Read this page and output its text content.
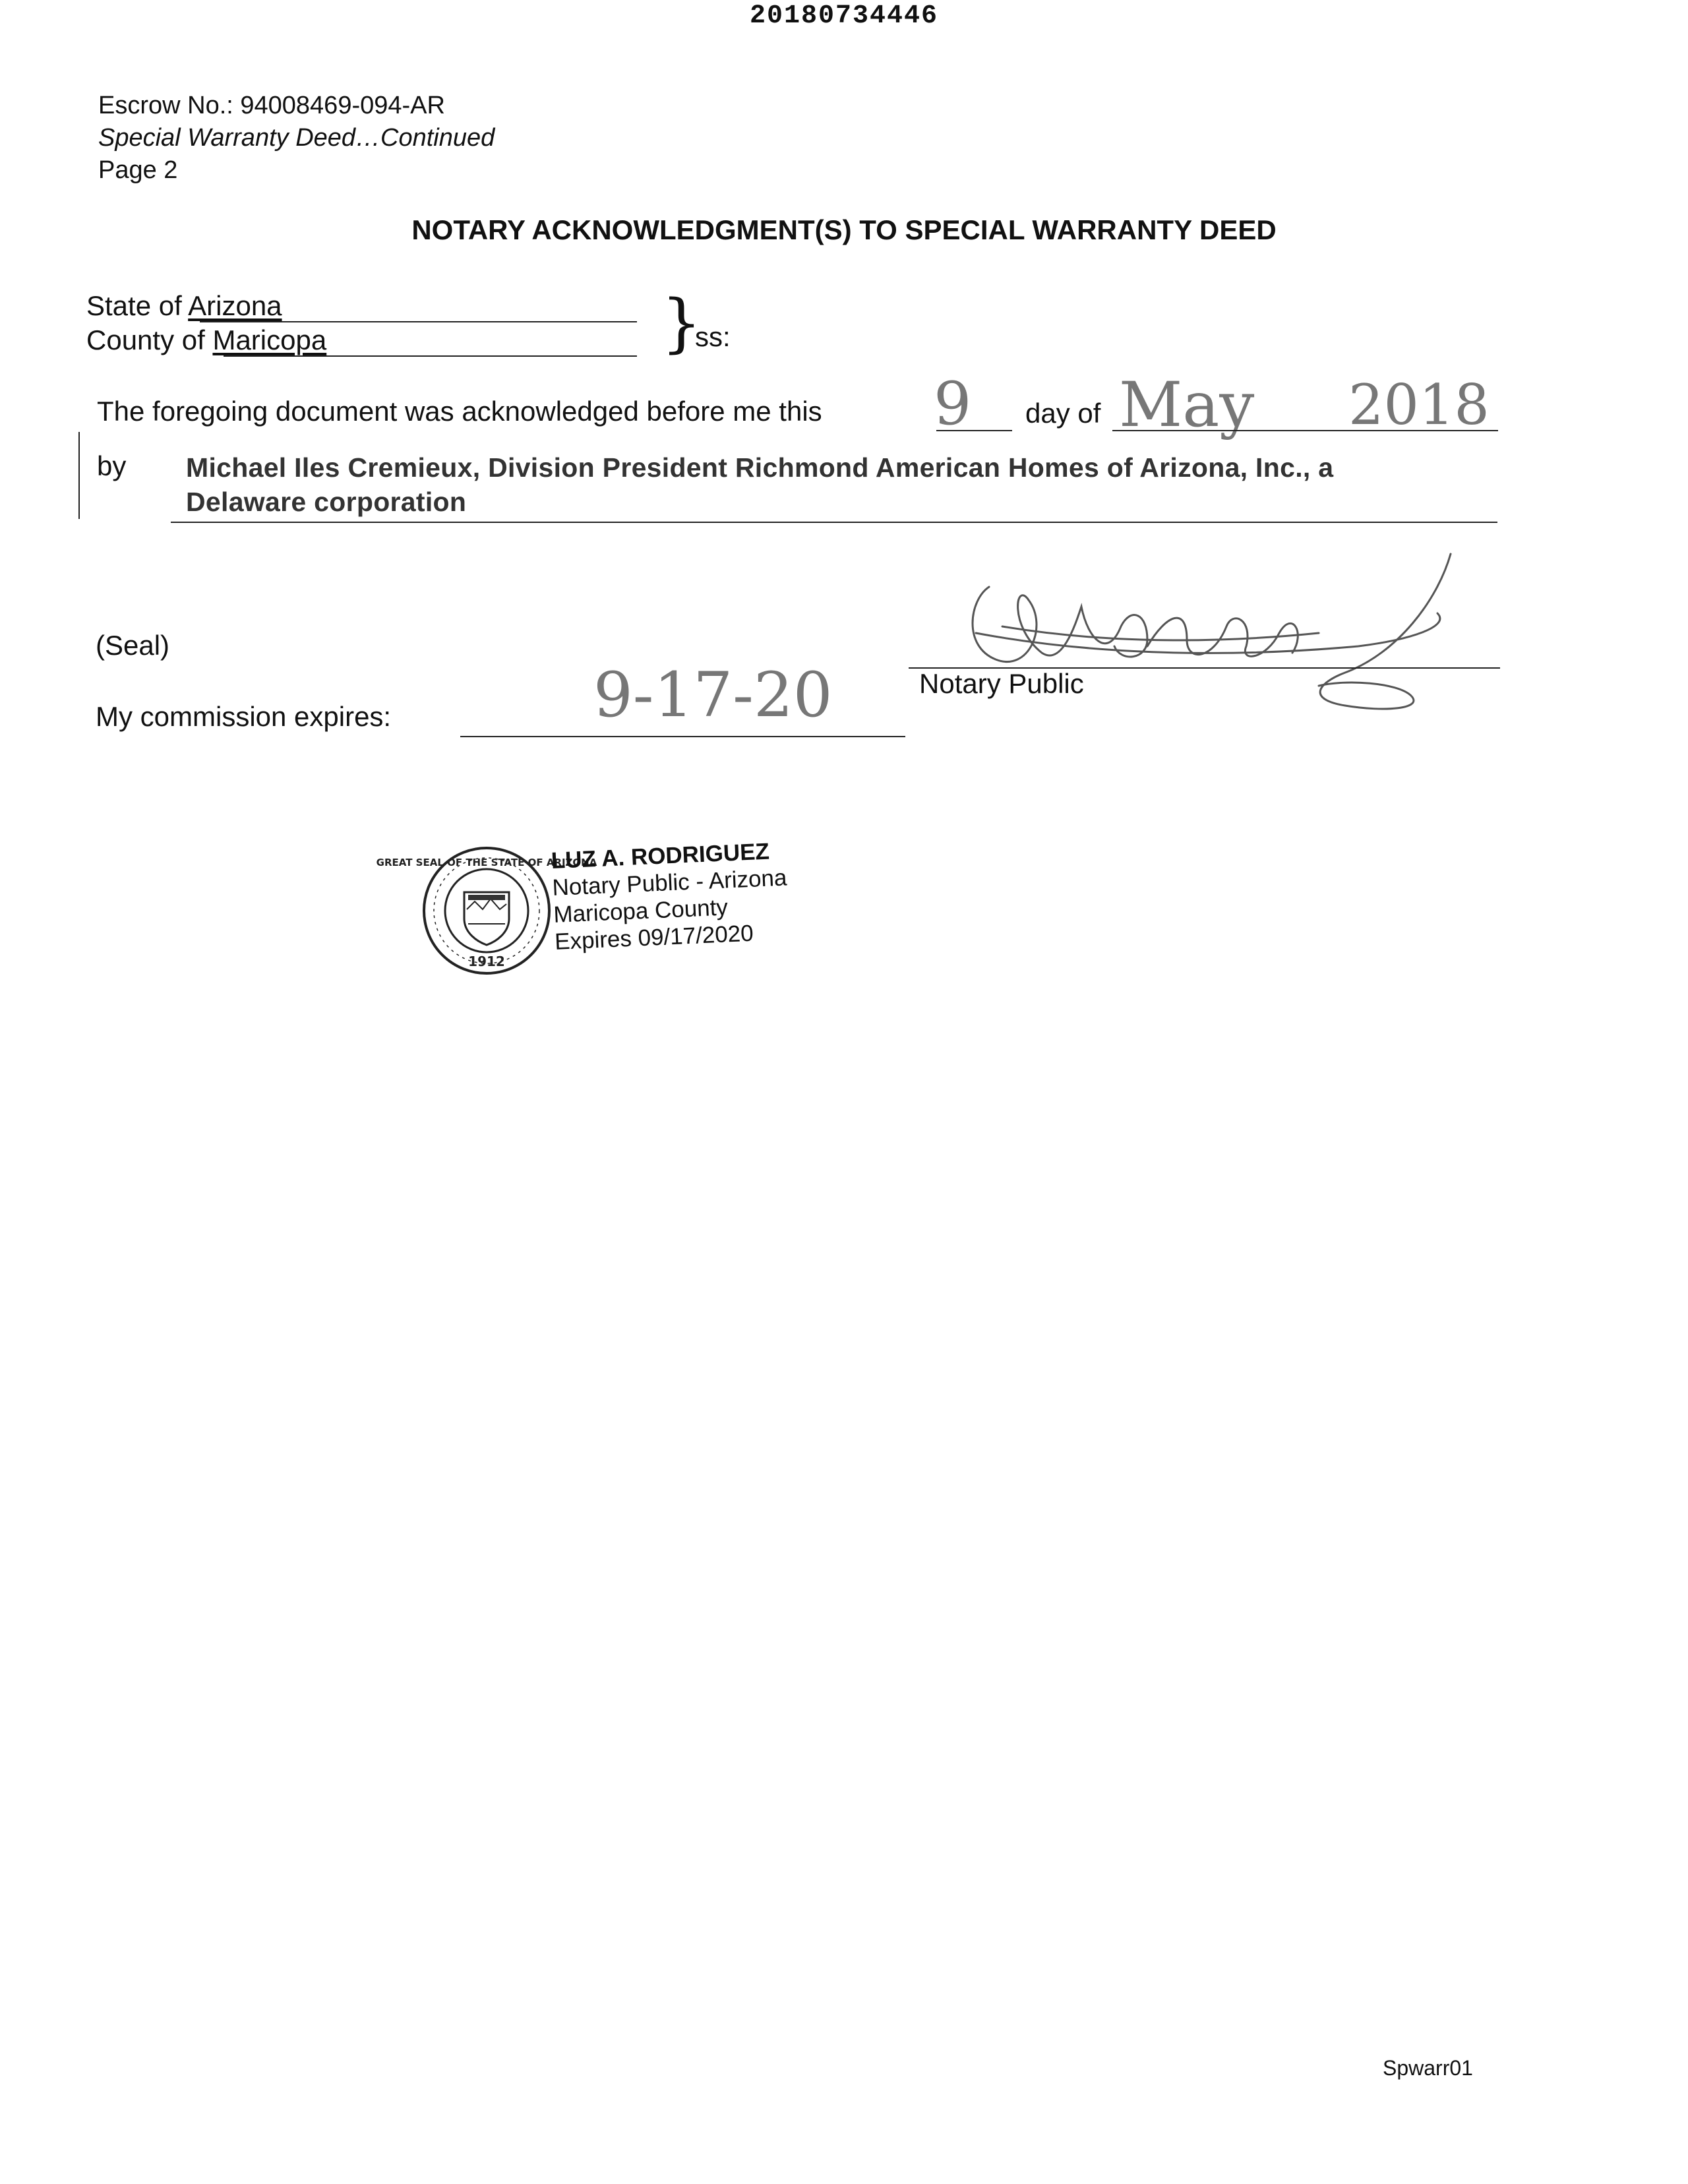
20180734446
Escrow No.: 94008469-094-AR
Special Warranty Deed…Continued
Page 2
NOTARY ACKNOWLEDGMENT(S) TO SPECIAL WARRANTY DEED
State of Arizona
County of Maricopa	}
ss:
The foregoing document was acknowledged before me this 9 day of May 2018
by Michael Iles Cremieux, Division President Richmond American Homes of Arizona, Inc., a
Delaware corporation
(Seal)
Notary Public
My commission expires:	9-17-20
GREAT SEAL OF THE STATE OF ARIZONA
1912
LUZ A. RODRIGUEZ
Notary Public - Arizona
Maricopa County
Expires 09/17/2020
Spwarr01
